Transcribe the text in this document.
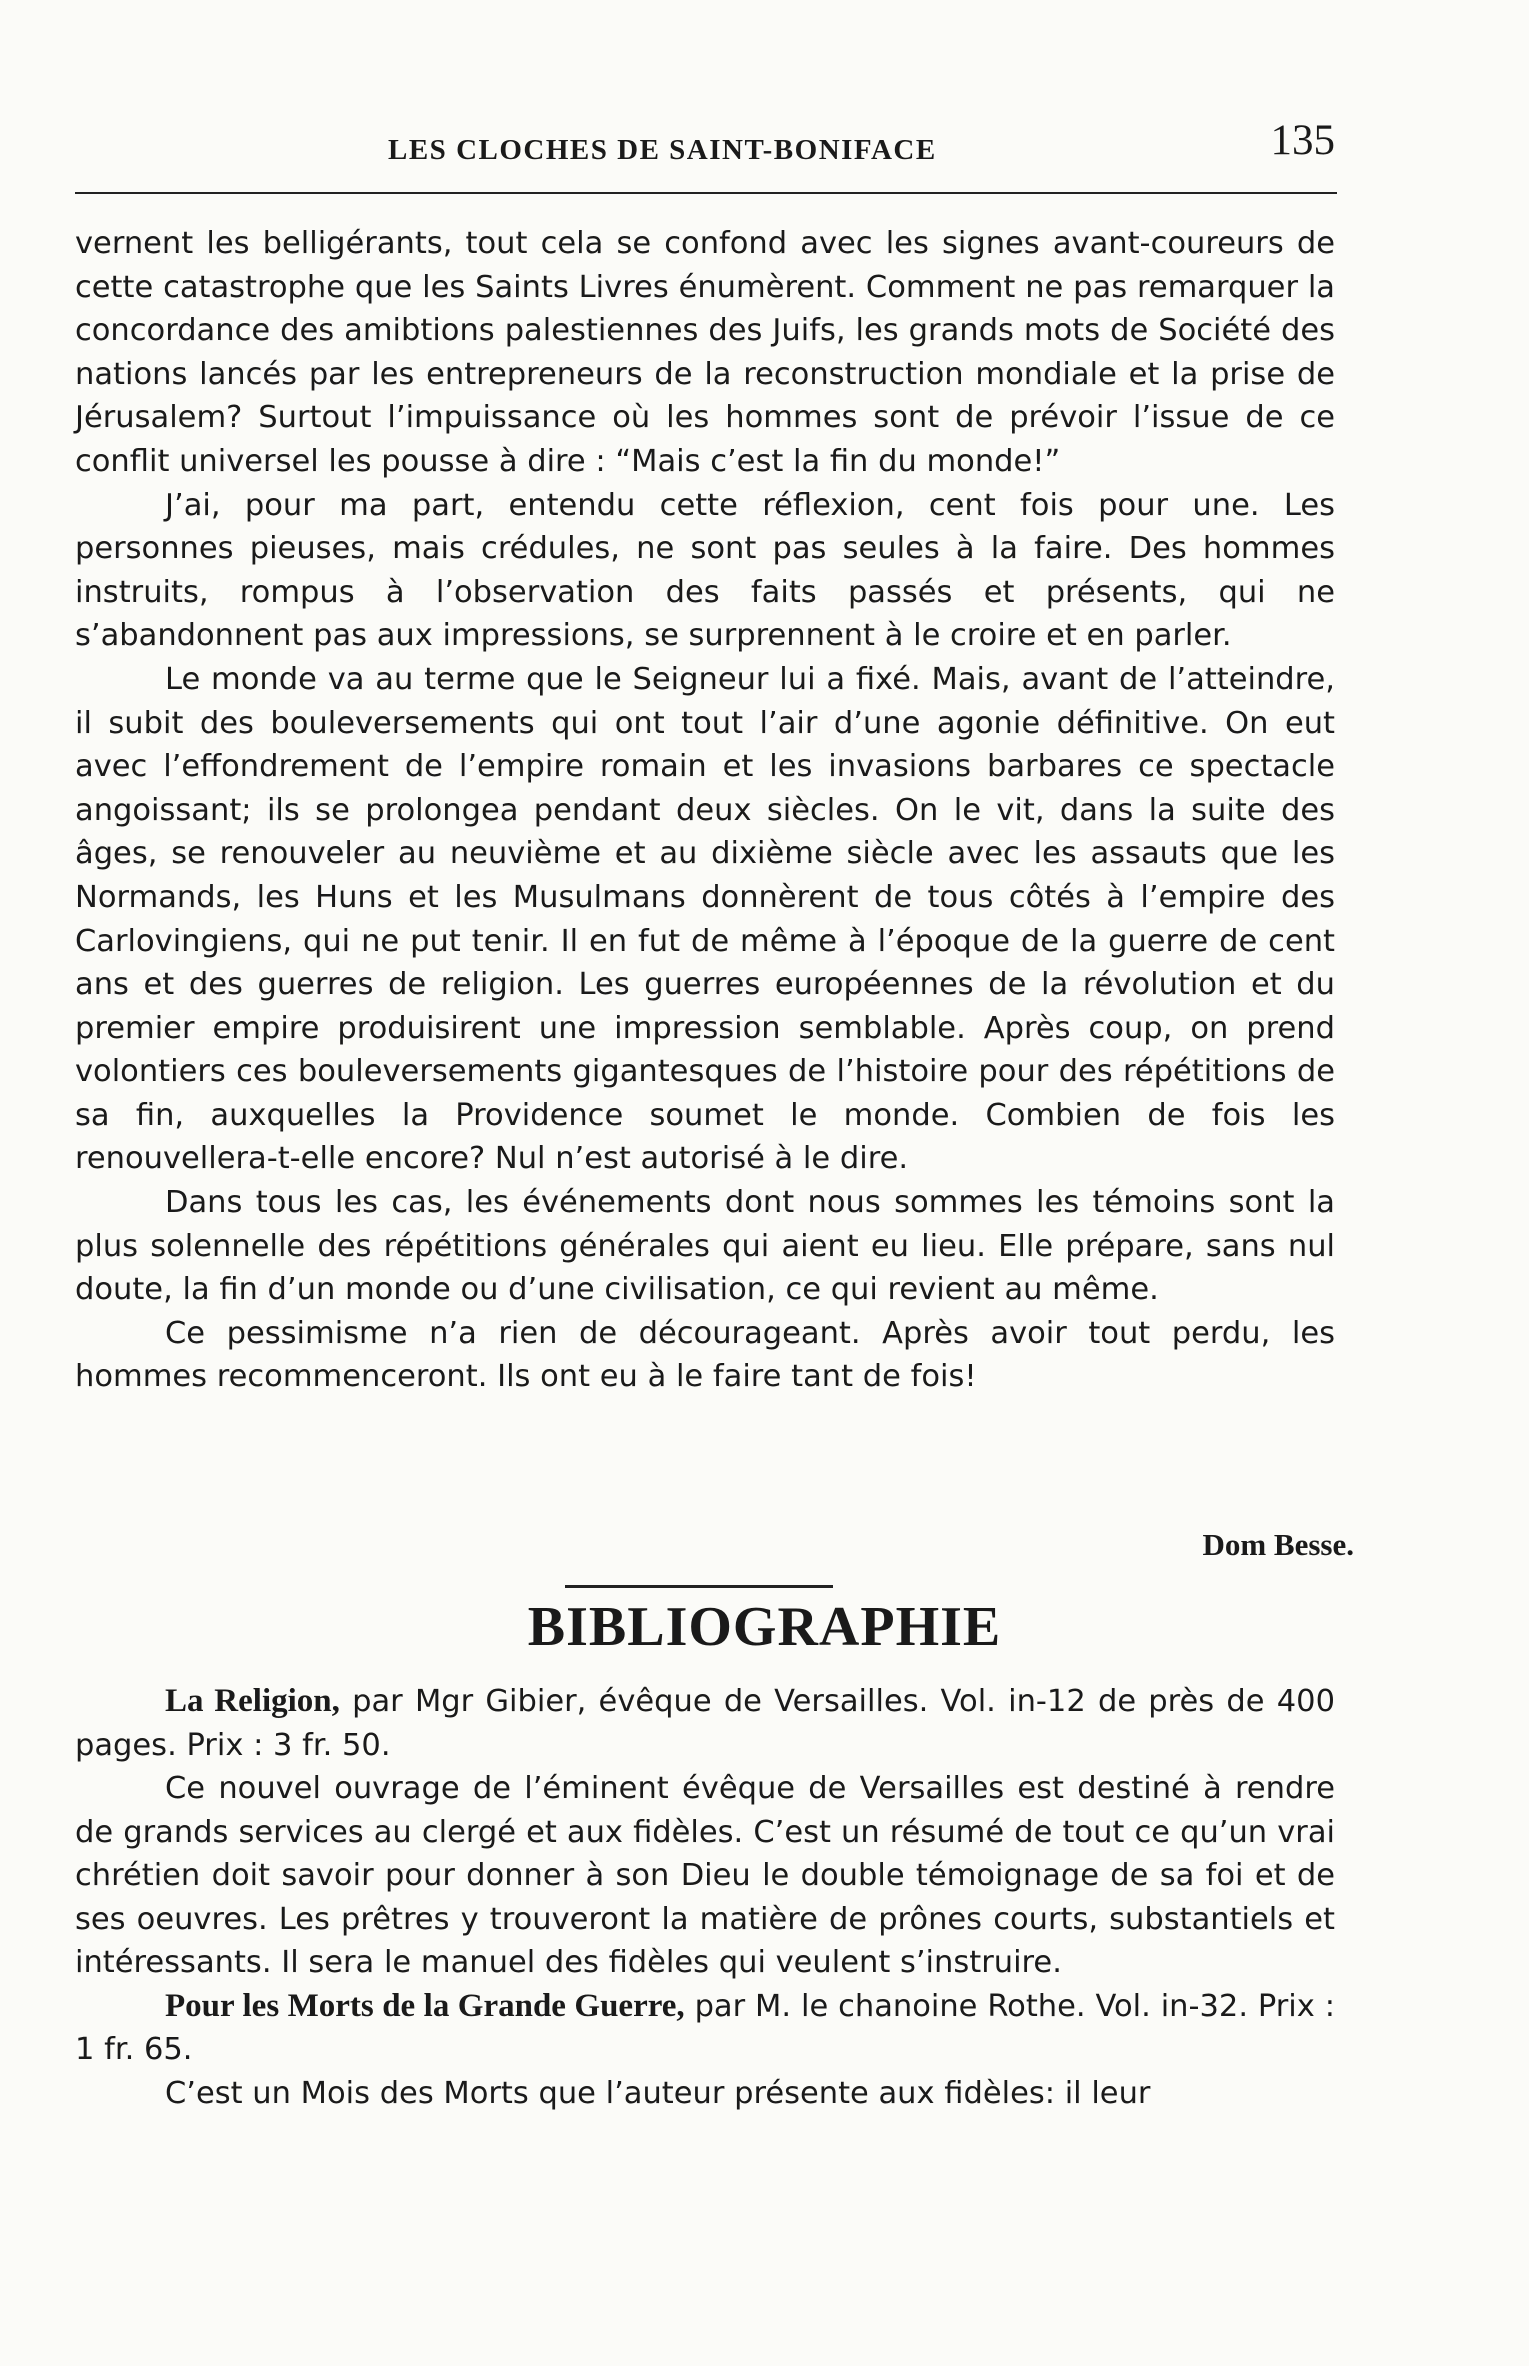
LES CLOCHES DE SAINT-BONIFACE	135

vernent les belligérants, tout cela se confond avec les signes avant-coureurs de cette catastrophe que les Saints Livres énumèrent. Comment ne pas remarquer la concordance des amibtions palestiennes des Juifs, les grands mots de Société des nations lancés par les entrepreneurs de la reconstruction mondiale et la prise de Jérusalem? Surtout l’impuissance où les hommes sont de prévoir l’issue de ce conflit universel les pousse à dire : “Mais c’est la fin du monde!”

J’ai, pour ma part, entendu cette réflexion, cent fois pour une. Les personnes pieuses, mais crédules, ne sont pas seules à la faire. Des hommes instruits, rompus à l’observation des faits passés et présents, qui ne s’abandonnent pas aux impressions, se surprennent à le croire et en parler.

Le monde va au terme que le Seigneur lui a fixé. Mais, avant de l’atteindre, il subit des bouleversements qui ont tout l’air d’une agonie définitive. On eut avec l’effondrement de l’empire romain et les invasions barbares ce spectacle angoissant; ils se prolongea pendant deux siècles. On le vit, dans la suite des âges, se renouveler au neuvième et au dixième siècle avec les assauts que les Normands, les Huns et les Musulmans donnèrent de tous côtés à l’empire des Carlovingiens, qui ne put tenir. Il en fut de même à l’époque de la guerre de cent ans et des guerres de religion. Les guerres européennes de la révolution et du premier empire produisirent une impression semblable. Après coup, on prend volontiers ces bouleversements gigantesques de l’histoire pour des répétitions de sa fin, auxquelles la Providence soumet le monde. Combien de fois les renouvellera-t-elle encore? Nul n’est autorisé à le dire.

Dans tous les cas, les événements dont nous sommes les témoins sont la plus solennelle des répétitions générales qui aient eu lieu. Elle prépare, sans nul doute, la fin d’un monde ou d’une civilisation, ce qui revient au même.

Ce pessimisme n’a rien de décourageant. Après avoir tout perdu, les hommes recommenceront. Ils ont eu à le faire tant de fois!

Dom Besse.
BIBLIOGRAPHIE

La Religion, par Mgr Gibier, évêque de Versailles. Vol. in-12 de près de 400 pages. Prix : 3 fr. 50.

Ce nouvel ouvrage de l’éminent évêque de Versailles est destiné à rendre de grands services au clergé et aux fidèles. C’est un résumé de tout ce qu’un vrai chrétien doit savoir pour donner à son Dieu le double témoignage de sa foi et de ses oeuvres. Les prêtres y trouveront la matière de prônes courts, substantiels et intéressants. Il sera le manuel des fidèles qui veulent s’instruire.

Pour les Morts de la Grande Guerre, par M. le chanoine Rothe. Vol. in-32. Prix : 1 fr. 65.

C’est un Mois des Morts que l’auteur présente aux fidèles: il leur
